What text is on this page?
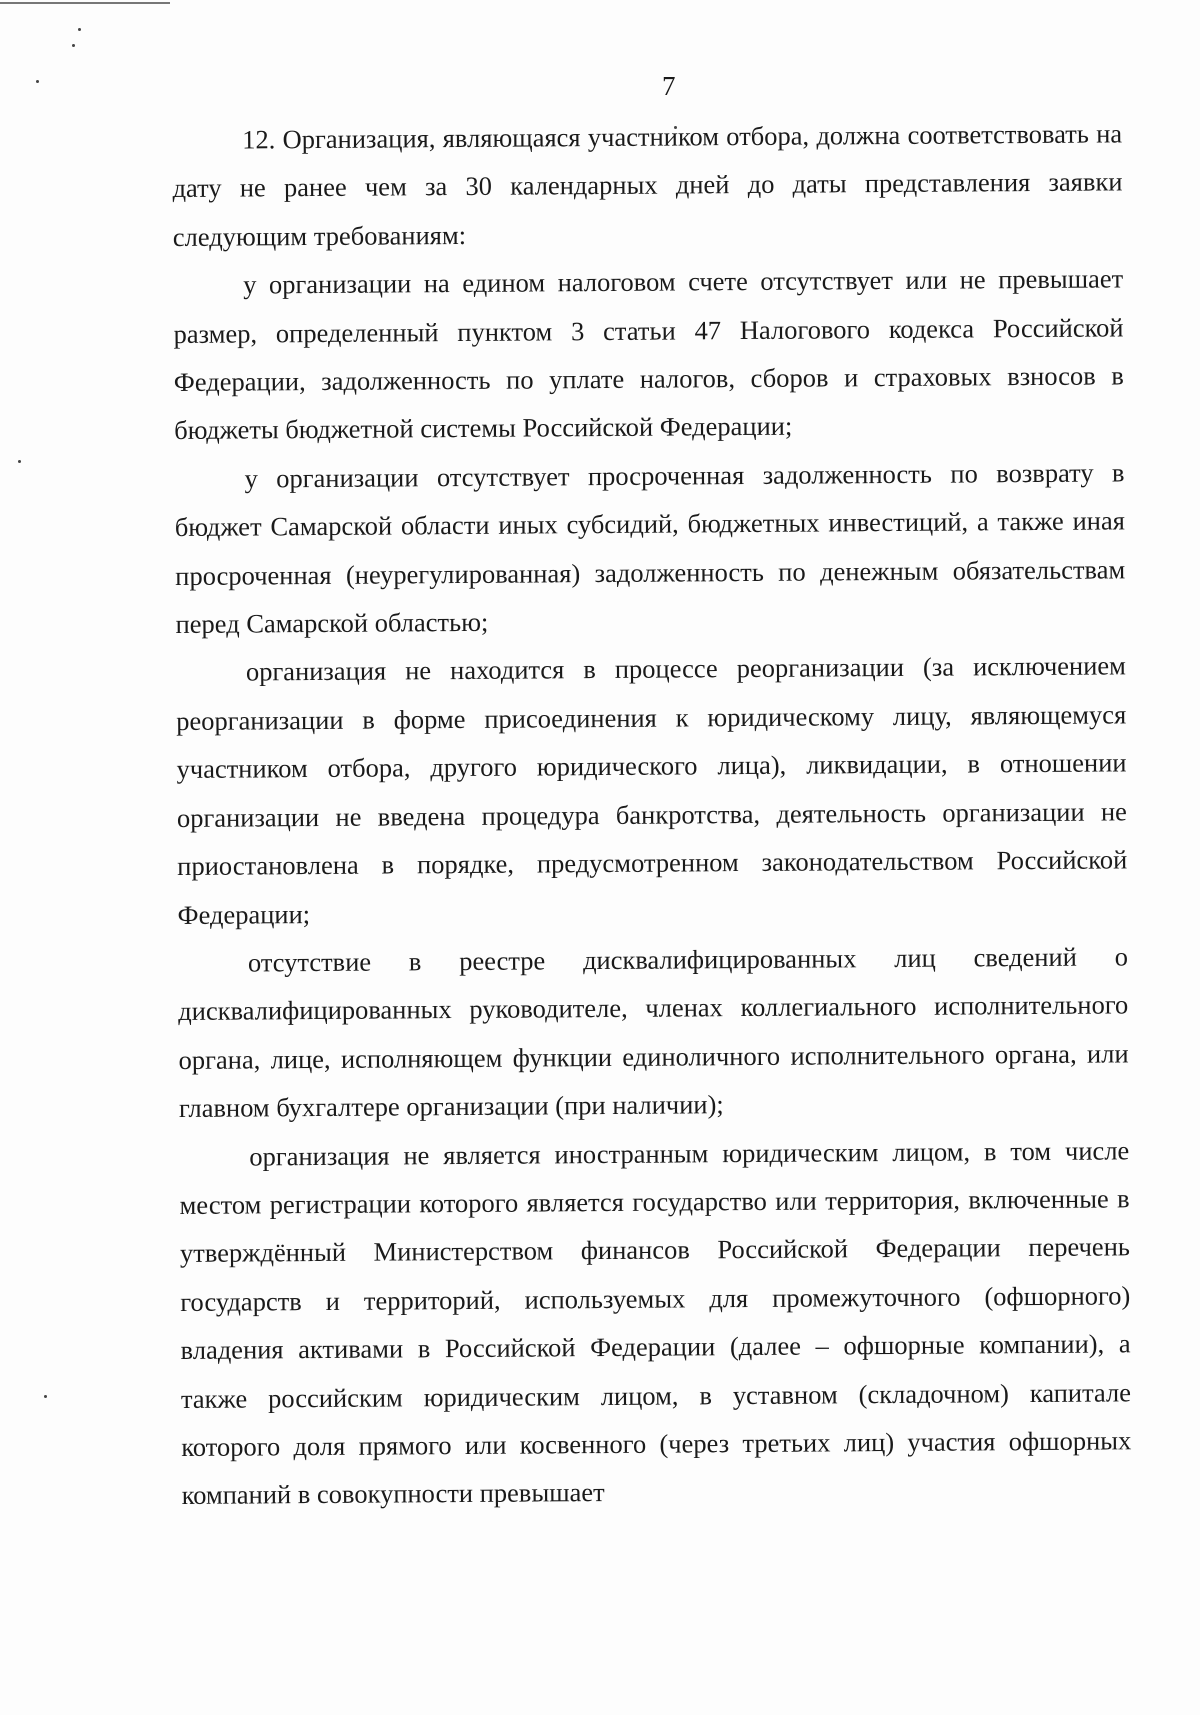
7

12. Организация, являющаяся участником отбора, должна соответствовать на дату не ранее чем за 30 календарных дней до даты представления заявки следующим требованиям:

у организации на едином налоговом счете отсутствует или не превышает размер, определенный пунктом 3 статьи 47 Налогового кодекса Российской Федерации, задолженность по уплате налогов, сборов и страховых взносов в бюджеты бюджетной системы Российской Федерации;

у организации отсутствует просроченная задолженность по возврату в бюджет Самарской области иных субсидий, бюджетных инвестиций, а также иная просроченная (неурегулированная) задолженность по денежным обязательствам перед Самарской областью;

организация не находится в процессе реорганизации (за исключением реорганизации в форме присоединения к юридическому лицу, являющемуся участником отбора, другого юридического лица), ликвидации, в отношении организации не введена процедура банкротства, деятельность организации не приостановлена в порядке, предусмотренном законодательством Российской Федерации;

отсутствие в реестре дисквалифицированных лиц сведений о дисквалифицированных руководителе, членах коллегиального исполнительного органа, лице, исполняющем функции единоличного исполнительного органа, или главном бухгалтере организации (при наличии);

организация не является иностранным юридическим лицом, в том числе местом регистрации которого является государство или территория, включенные в утверждённый Министерством финансов Российской Федерации перечень государств и территорий, используемых для промежуточного (офшорного) владения активами в Российской Федерации (далее – офшорные компании), а также российским юридическим лицом, в уставном (складочном) капитале которого доля прямого или косвенного (через третьих лиц) участия офшорных компаний в совокупности превышает
